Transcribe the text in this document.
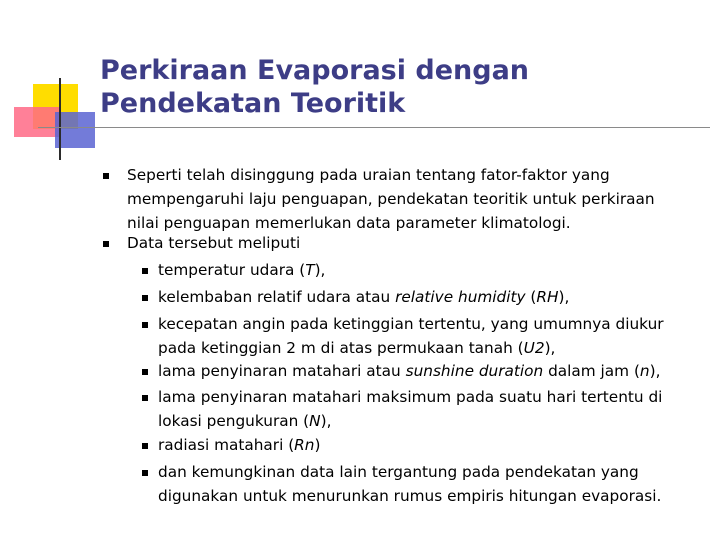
Perkiraan Evaporasi dengan
Pendekatan Teoritik
Seperti telah disinggung pada uraian tentang fator-faktor yang
mempengaruhi laju penguapan, pendekatan teoritik untuk perkiraan
nilai penguapan memerlukan data parameter klimatologi.
Data tersebut meliputi
temperatur udara (T),
kelembaban relatif udara atau relative humidity (RH),
kecepatan angin pada ketinggian tertentu, yang umumnya diukur
pada ketinggian 2 m di atas permukaan tanah (U2),
lama penyinaran matahari atau sunshine duration dalam jam (n),
lama penyinaran matahari maksimum pada suatu hari tertentu di
lokasi pengukuran (N),
radiasi matahari (Rn)
dan kemungkinan data lain tergantung pada pendekatan yang
digunakan untuk menurunkan rumus empiris hitungan evaporasi.
